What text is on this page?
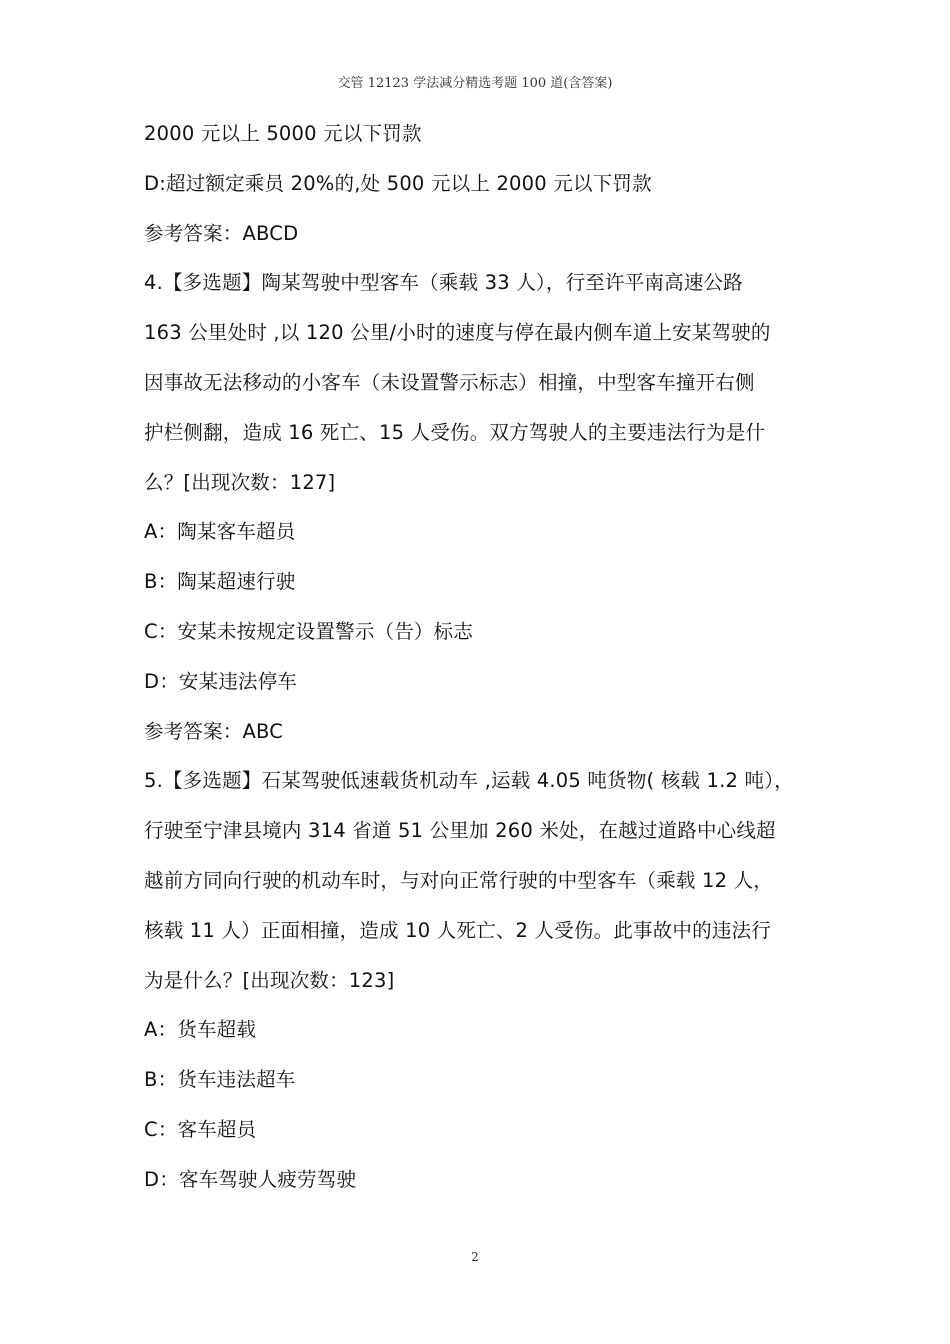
交管 12123 学法减分精选考题 100 道(含答案)
2000 元以上 5000 元以下罚款
D:超过额定乘员 20%的,处 500 元以上 2000 元以下罚款
参考答案：ABCD
4.【多选题】陶某驾驶中型客车（乘载 33 人），行至许平南高速公路
163 公里处时 ,以 120 公里/小时的速度与停在最内侧车道上安某驾驶的
因事故无法移动的小客车（未设置警示标志）相撞，中型客车撞开右侧
护栏侧翻，造成 16 死亡、15 人受伤。双方驾驶人的主要违法行为是什
么？[出现次数：127]
A：陶某客车超员
B：陶某超速行驶
C：安某未按规定设置警示（告）标志
D：安某违法停车
参考答案：ABC
5.【多选题】石某驾驶低速载货机动车 ,运载 4.05 吨货物( 核载 1.2 吨），
行驶至宁津县境内 314 省道 51 公里加 260 米处，在越过道路中心线超
越前方同向行驶的机动车时，与对向正常行驶的中型客车（乘载 12 人，
核载 11 人）正面相撞，造成 10 人死亡、2 人受伤。此事故中的违法行
为是什么？[出现次数：123]
A：货车超载
B：货车违法超车
C：客车超员
D：客车驾驶人疲劳驾驶
2
